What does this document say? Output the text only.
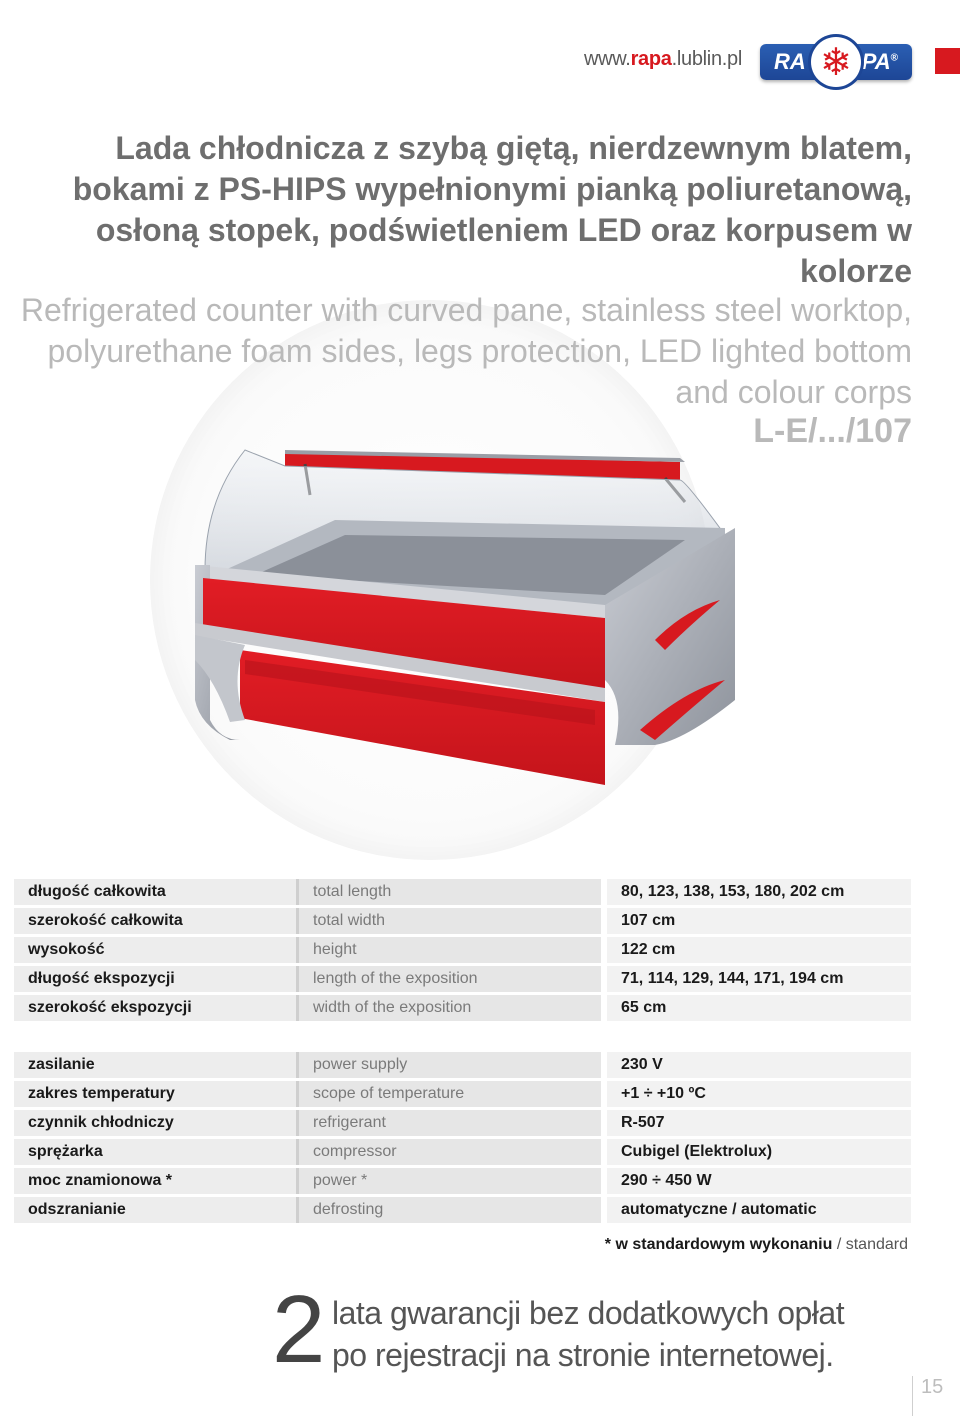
www.rapa.lublin.pl RA ❄ PA®
Lada chłodnicza z szybą giętą, nierdzewnym blatem, bokami z PS-HIPS wypełnionymi pianką poliuretanową, osłoną stopek, podświetleniem LED oraz korpusem w kolorze
Refrigerated counter with curved pane, stainless steel worktop, polyurethane foam sides, legs protection, LED lighted bottom and colour corps
L-E/.../107
długość całkowita	total length	80, 123, 138, 153, 180, 202 cm
szerokość całkowita	total width	107 cm
wysokość	height	122 cm
długość ekspozycji	length of the exposition	71, 114, 129, 144, 171, 194 cm
szerokość ekspozycji	width of the exposition	65 cm
zasilanie	power supply	230 V
zakres temperatury	scope of temperature	+1 ÷ +10 ºC
czynnik chłodniczy	refrigerant	R-507
sprężarka	compressor	Cubigel (Elektrolux)
moc znamionowa *	power *	290 ÷ 450 W
odszranianie	defrosting	automatyczne / automatic
* w standardowym wykonaniu / standard
2 lata gwarancji bez dodatkowych opłat
po rejestracji na stronie internetowej.
15
